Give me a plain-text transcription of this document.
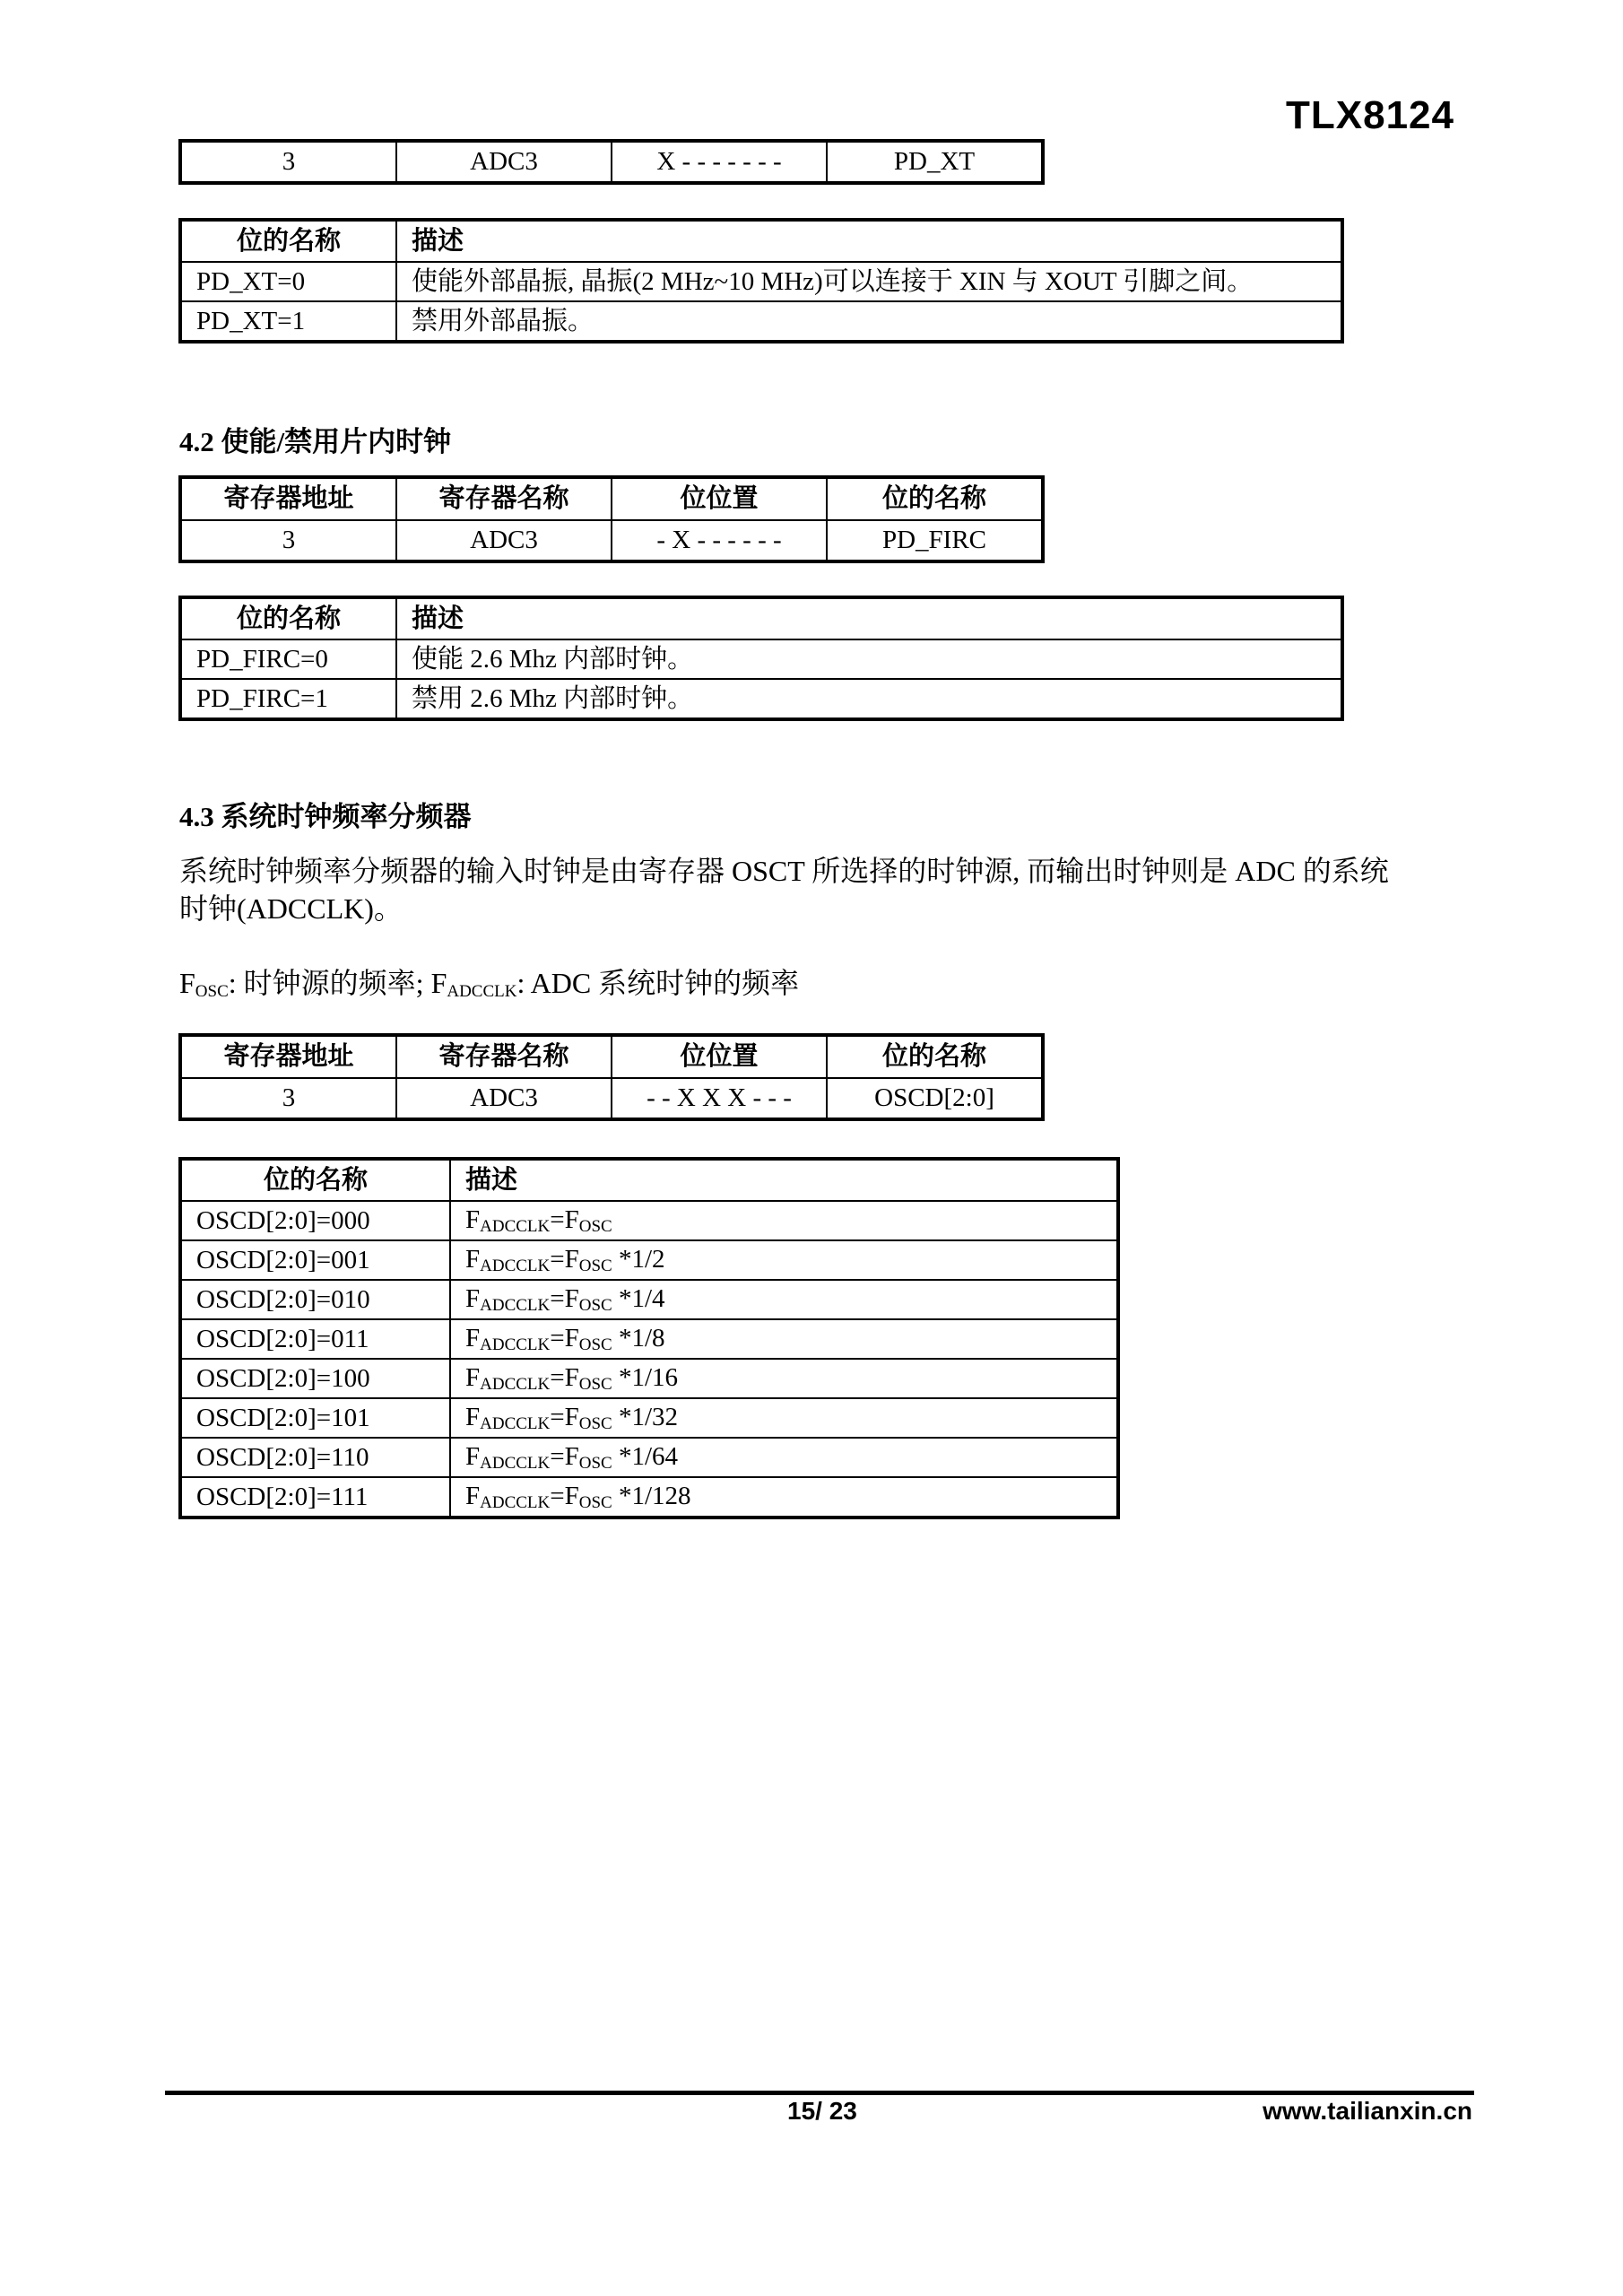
TLX8124
3	ADC3	X - - - - - - -	PD_XT
位的名称	描述
PD_XT=0	使能外部晶振, 晶振(2 MHz~10 MHz)可以连接于 XIN 与 XOUT 引脚之间。
PD_XT=1	禁用外部晶振。
4.2 使能/禁用片内时钟
寄存器地址	寄存器名称	位位置	位的名称
3	ADC3	- X - - - - - -	PD_FIRC
位的名称	描述
PD_FIRC=0	使能 2.6 Mhz 内部时钟。
PD_FIRC=1	禁用 2.6 Mhz 内部时钟。
4.3 系统时钟频率分频器

系统时钟频率分频器的输入时钟是由寄存器 OSCT 所选择的时钟源, 而输出时钟则是 ADC 的系统
时钟(ADCCLK)。

$F_{OSC}$: 时钟源的频率; $F_{ADCCLK}$: ADC 系统时钟的频率

寄存器地址	寄存器名称	位位置	位的名称
3	ADC3	- - X X X - - -	OSCD[2:0]
位的名称	描述
OSCD[2:0]=000	$F_{ADCCLK}=F_{OSC}$
OSCD[2:0]=001	$F_{ADCCLK}=F_{OSC}$ *1/2
OSCD[2:0]=010	$F_{ADCCLK}=F_{OSC}$ *1/4
OSCD[2:0]=011	$F_{ADCCLK}=F_{OSC}$ *1/8
OSCD[2:0]=100	$F_{ADCCLK}=F_{OSC}$ *1/16
OSCD[2:0]=101	$F_{ADCCLK}=F_{OSC}$ *1/32
OSCD[2:0]=110	$F_{ADCCLK}=F_{OSC}$ *1/64
OSCD[2:0]=111	$F_{ADCCLK}=F_{OSC}$ *1/128
15/ 23	www.tailianxin.cn
